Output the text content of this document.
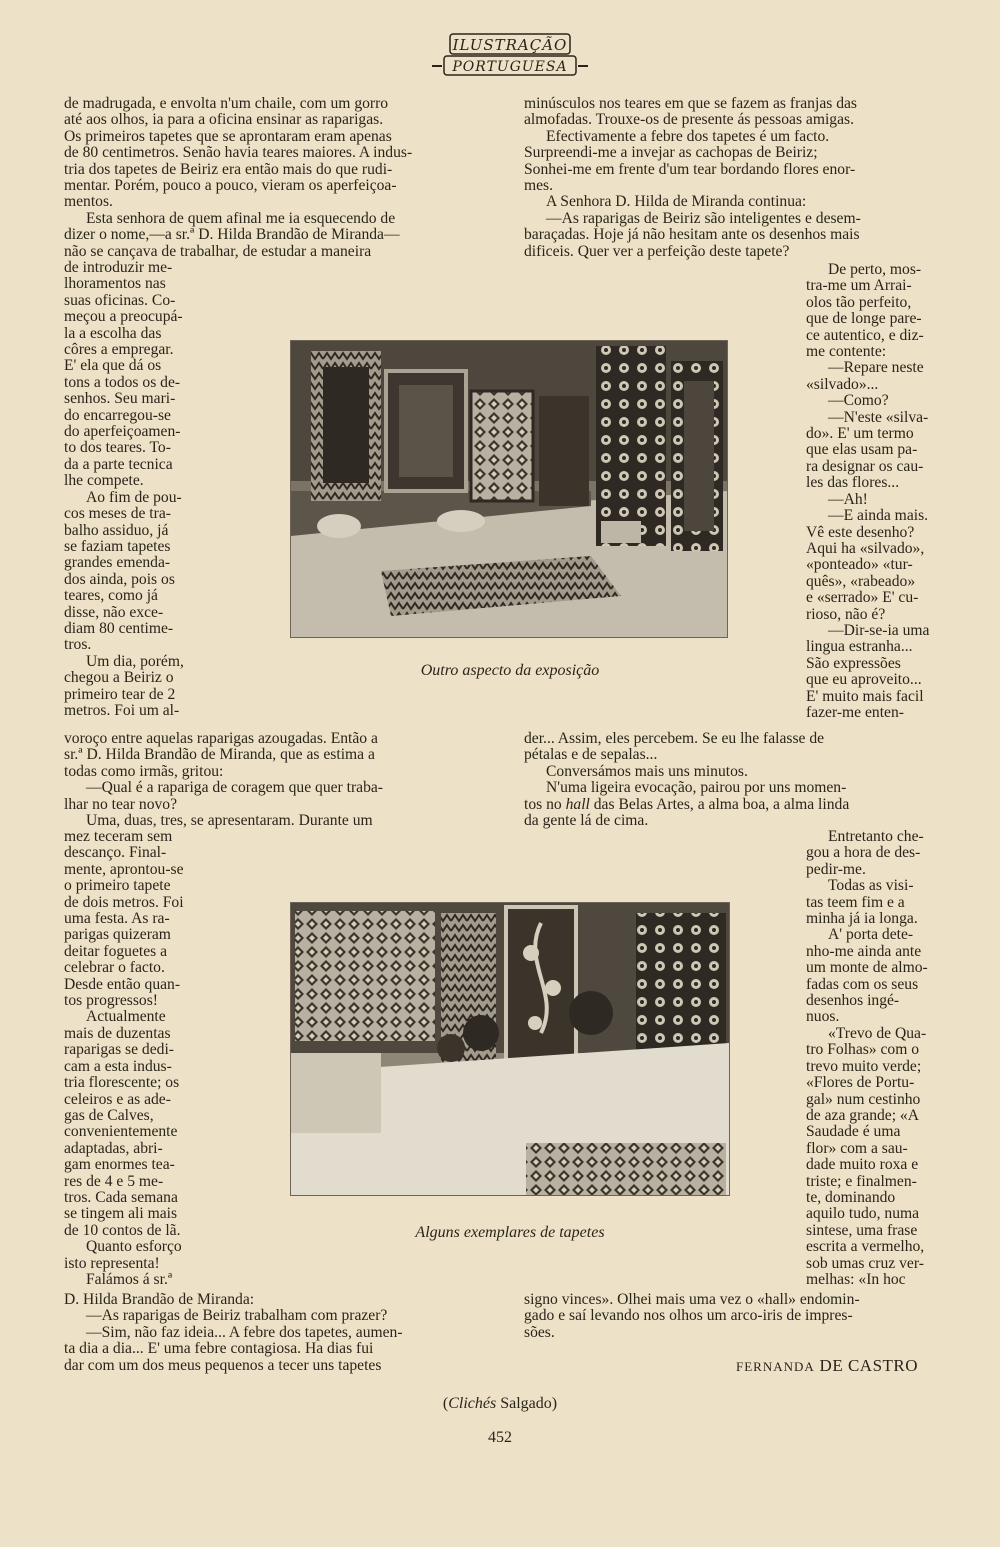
ILUSTRAÇÃO
PORTUGUESA

de madrugada, e envolta n'um chaile, com um gorro
até aos olhos, ia para a oficina ensinar as raparigas.
Os primeiros tapetes que se aprontaram eram apenas
de 80 centimetros. Senão havia teares maiores. A indus-
tria dos tapetes de Beiriz era então mais do que rudi-
mentar. Porém, pouco a pouco, vieram os aperfeiçoa-
mentos.

Esta senhora de quem afinal me ia esquecendo de
dizer o nome,—a sr.ª D. Hilda Brandão de Miranda—
não se cançava de trabalhar, de estudar a maneira

de introduzir me-
lhoramentos nas
suas oficinas. Co-
meçou a preocupá-
la a escolha das
côres a empregar.
E' ela que dá os
tons a todos os de-
senhos. Seu mari-
do encarregou-se
do aperfeiçoamen-
to dos teares. To-
da a parte tecnica
lhe compete.

Ao fim de pou-
cos meses de tra-
balho assiduo, já
se faziam tapetes
grandes emenda-
dos ainda, pois os
teares, como já
disse, não exce-
diam 80 centime-
tros.

Um dia, porém,
chegou a Beiriz o
primeiro tear de 2
metros. Foi um al-

voroço entre aquelas raparigas azougadas. Então a
sr.ª D. Hilda Brandão de Miranda, que as estima a
todas como irmãs, gritou:

—Qual é a rapariga de coragem que quer traba-
lhar no tear novo?

Uma, duas, tres, se apresentaram. Durante um

mez teceram sem
descanço. Final-
mente, aprontou-se
o primeiro tapete
de dois metros. Foi
uma festa. As ra-
parigas quizeram
deitar foguetes a
celebrar o facto.
Desde então quan-
tos progressos!

Actualmente
mais de duzentas
raparigas se dedi-
cam a esta indus-
tria florescente; os
celeiros e as ade-
gas de Calves,
convenientemente
adaptadas, abri-
gam enormes tea-
res de 4 e 5 me-
tros. Cada semana
se tingem ali mais
de 10 contos de lã.

Quanto esforço
isto representa!

Falámos á sr.ª

D. Hilda Brandão de Miranda:

—As raparigas de Beiriz trabalham com prazer?

—Sim, não faz ideia... A febre dos tapetes, aumen-
ta dia a dia... E' uma febre contagiosa. Ha dias fui
dar com um dos meus pequenos a tecer uns tapetes

minúsculos nos teares em que se fazem as franjas das
almofadas. Trouxe-os de presente ás pessoas amigas.

Efectivamente a febre dos tapetes é um facto.
Surpreendi-me a invejar as cachopas de Beiriz;
Sonhei-me em frente d'um tear bordando flores enor-
mes.

A Senhora D. Hilda de Miranda continua:

—As raparigas de Beiriz são inteligentes e desem-
baraçadas. Hoje já não hesitam ante os desenhos mais
dificeis. Quer ver a perfeição deste tapete?

De perto, mos-
tra-me um Arrai-
olos tão perfeito,
que de longe pare-
ce autentico, e diz-
me contente:

—Repare neste
«silvado»...

—Como?

—N'este «silva-
do». E' um termo
que elas usam pa-
ra designar os cau-
les das flores...

—Ah!

—E ainda mais.
Vê este desenho?
Aqui ha «silvado»,
«ponteado» «tur-
quês», «rabeado»
e «serrado» E' cu-
rioso, não é?

—Dir-se-ia uma
lingua estranha...
São expressões
que eu aproveito...
E' muito mais facil
fazer-me enten-

der... Assim, eles percebem. Se eu lhe falasse de
pétalas e de sepalas...

Conversámos mais uns minutos.

N'uma ligeira evocação, pairou por uns momen-
tos no hall das Belas Artes, a alma boa, a alma linda
da gente lá de cima.

Entretanto che-
gou a hora de des-
pedir-me.

Todas as visi-
tas teem fim e a
minha já ia longa.

A' porta dete-
nho-me ainda ante
um monte de almo-
fadas com os seus
desenhos ingé-
nuos.

«Trevo de Qua-
tro Folhas» com o
trevo muito verde;
«Flores de Portu-
gal» num cestinho
de aza grande; «A
Saudade é uma
flor» com a sau-
dade muito roxa e
triste; e finalmen-
te, dominando
aquilo tudo, numa
sintese, uma frase
escrita a vermelho,
sob umas cruz ver-
melhas: «In hoc

signo vinces». Olhei mais uma vez o «hall» endomin-
gado e saí levando nos olhos um arco-iris de impres-
sões.

FERNANDA DE CASTRO

Outro aspecto da exposição

Alguns exemplares de tapetes

(Clichés Salgado)

452
